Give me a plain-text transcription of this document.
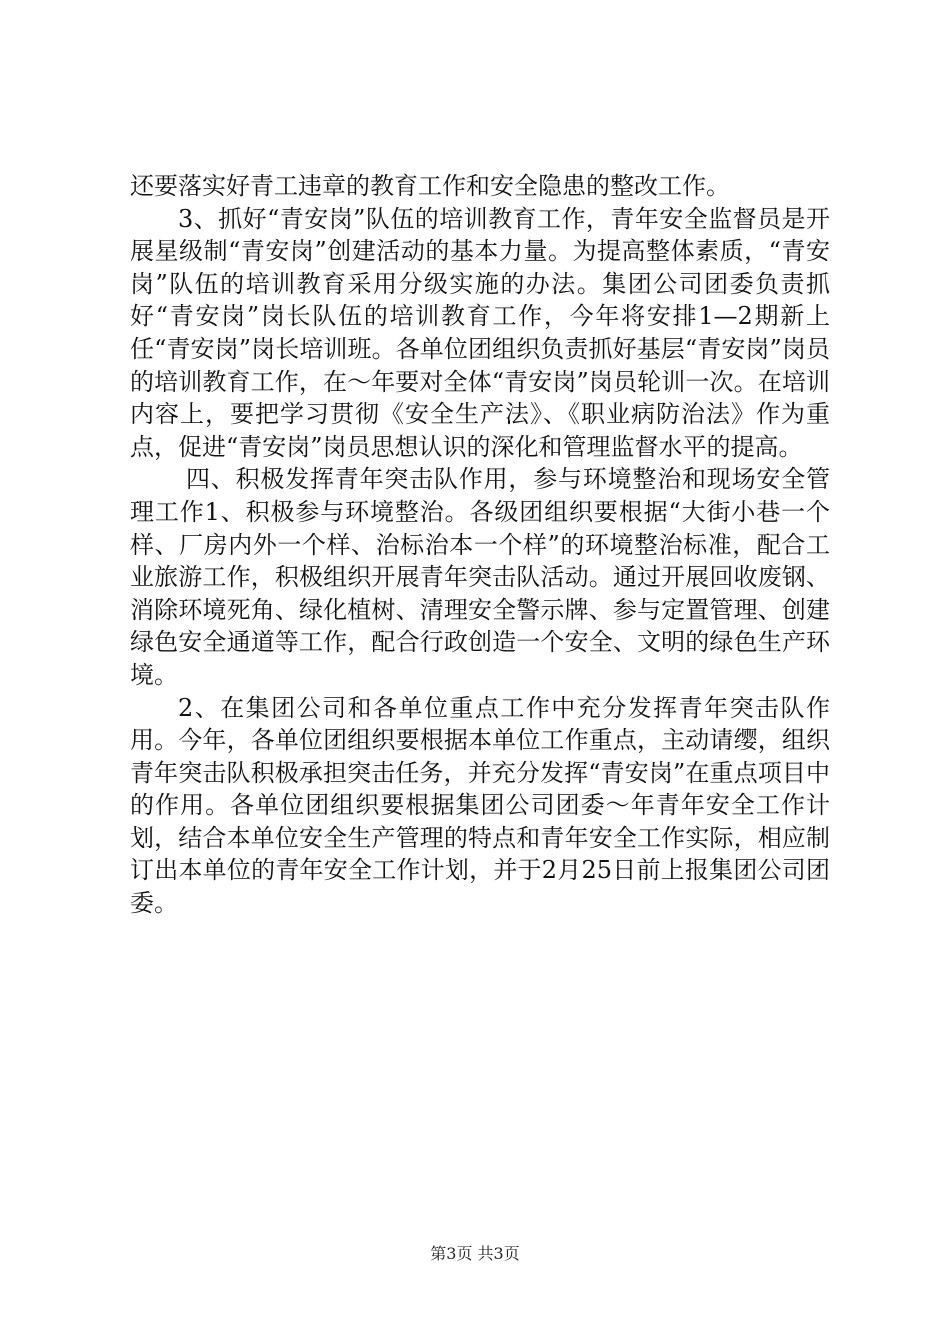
还要落实好青工违章的教育工作和安全隐患的整改工作。

3、抓好“青安岗”队伍的培训教育工作，青年安全监督员是开展星级制“青安岗”创建活动的基本力量。为提高整体素质，“青安岗”队伍的培训教育采用分级实施的办法。集团公司团委负责抓好“青安岗”岗长队伍的培训教育工作，今年将安排1—2期新上任“青安岗”岗长培训班。各单位团组织负责抓好基层“青安岗”岗员的培训教育工作，在～年要对全体“青安岗”岗员轮训一次。在培训内容上，要把学习贯彻《安全生产法》、《职业病防治法》作为重点，促进“青安岗”岗员思想认识的深化和管理监督水平的提高。

四、积极发挥青年突击队作用，参与环境整治和现场安全管理工作1、积极参与环境整治。各级团组织要根据“大街小巷一个样、厂房内外一个样、治标治本一个样”的环境整治标准，配合工业旅游工作，积极组织开展青年突击队活动。通过开展回收废钢、消除环境死角、绿化植树、清理安全警示牌、参与定置管理、创建绿色安全通道等工作，配合行政创造一个安全、文明的绿色生产环境。

2、在集团公司和各单位重点工作中充分发挥青年突击队作用。今年，各单位团组织要根据本单位工作重点，主动请缨，组织青年突击队积极承担突击任务，并充分发挥“青安岗”在重点项目中的作用。各单位团组织要根据集团公司团委～年青年安全工作计划，结合本单位安全生产管理的特点和青年安全工作实际，相应制订出本单位的青年安全工作计划，并于2月25日前上报集团公司团委。

第3页 共3页
